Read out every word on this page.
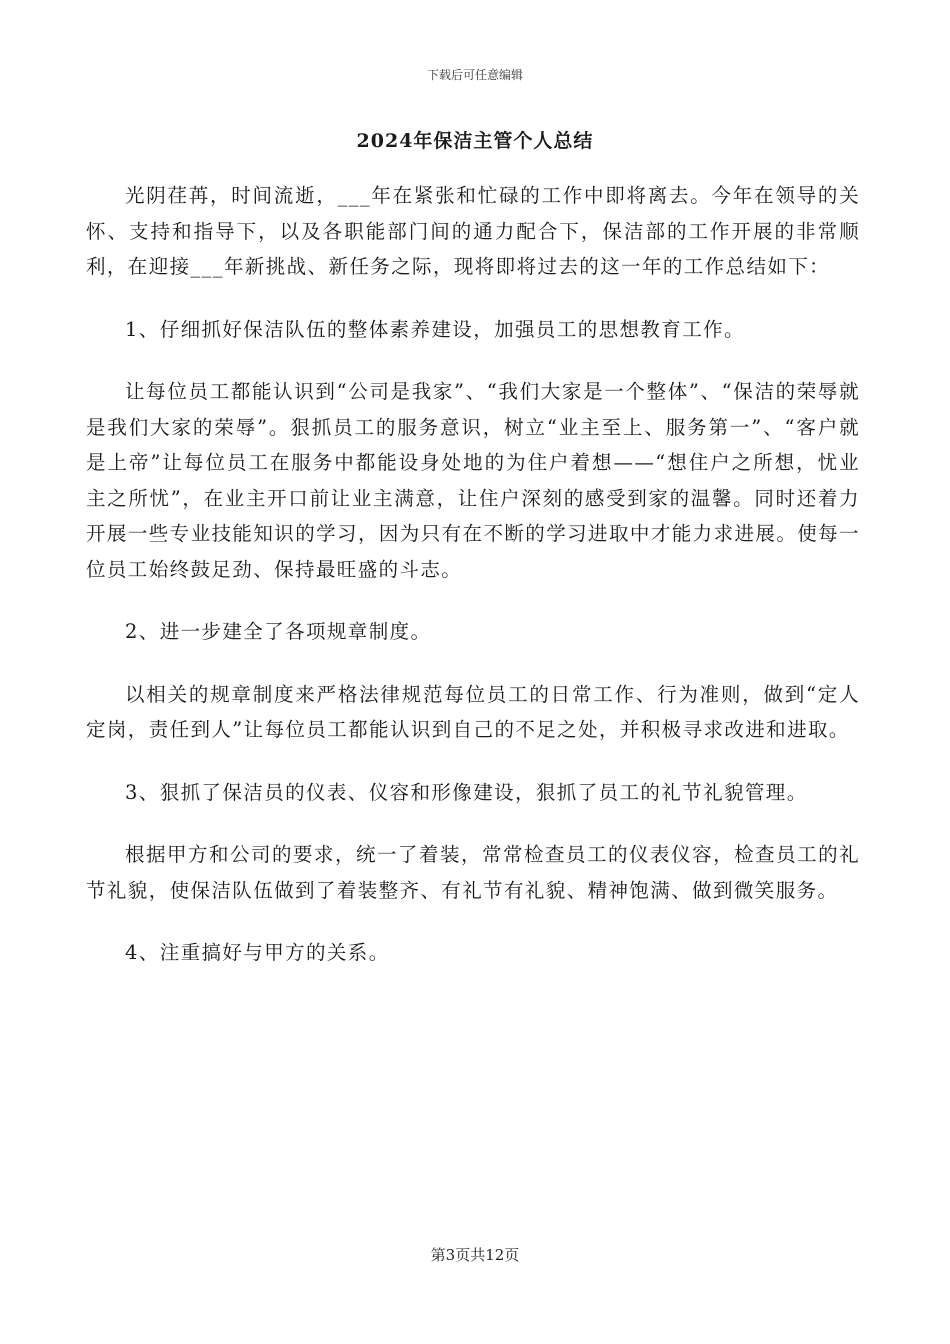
下载后可任意编辑
2024年保洁主管个人总结

光阴荏苒，时间流逝，___年在紧张和忙碌的工作中即将离去。今年在领导的关怀、支持和指导下，以及各职能部门间的通力配合下，保洁部的工作开展的非常顺利，在迎接___年新挑战、新任务之际，现将即将过去的这一年的工作总结如下：

1、仔细抓好保洁队伍的整体素养建设，加强员工的思想教育工作。

让每位员工都能认识到“公司是我家”、“我们大家是一个整体”、“保洁的荣辱就是我们大家的荣辱”。狠抓员工的服务意识，树立“业主至上、服务第一”、“客户就是上帝”让每位员工在服务中都能设身处地的为住户着想——“想住户之所想，忧业主之所忧”，在业主开口前让业主满意，让住户深刻的感受到家的温馨。同时还着力开展一些专业技能知识的学习，因为只有在不断的学习进取中才能力求进展。使每一位员工始终鼓足劲、保持最旺盛的斗志。

2、进一步建全了各项规章制度。

以相关的规章制度来严格法律规范每位员工的日常工作、行为准则，做到“定人定岗，责任到人”让每位员工都能认识到自己的不足之处，并积极寻求改进和进取。

3、狠抓了保洁员的仪表、仪容和形像建设，狠抓了员工的礼节礼貌管理。

根据甲方和公司的要求，统一了着装，常常检查员工的仪表仪容，检查员工的礼节礼貌，使保洁队伍做到了着装整齐、有礼节有礼貌、精神饱满、做到微笑服务。

4、注重搞好与甲方的关系。

第3页共12页
